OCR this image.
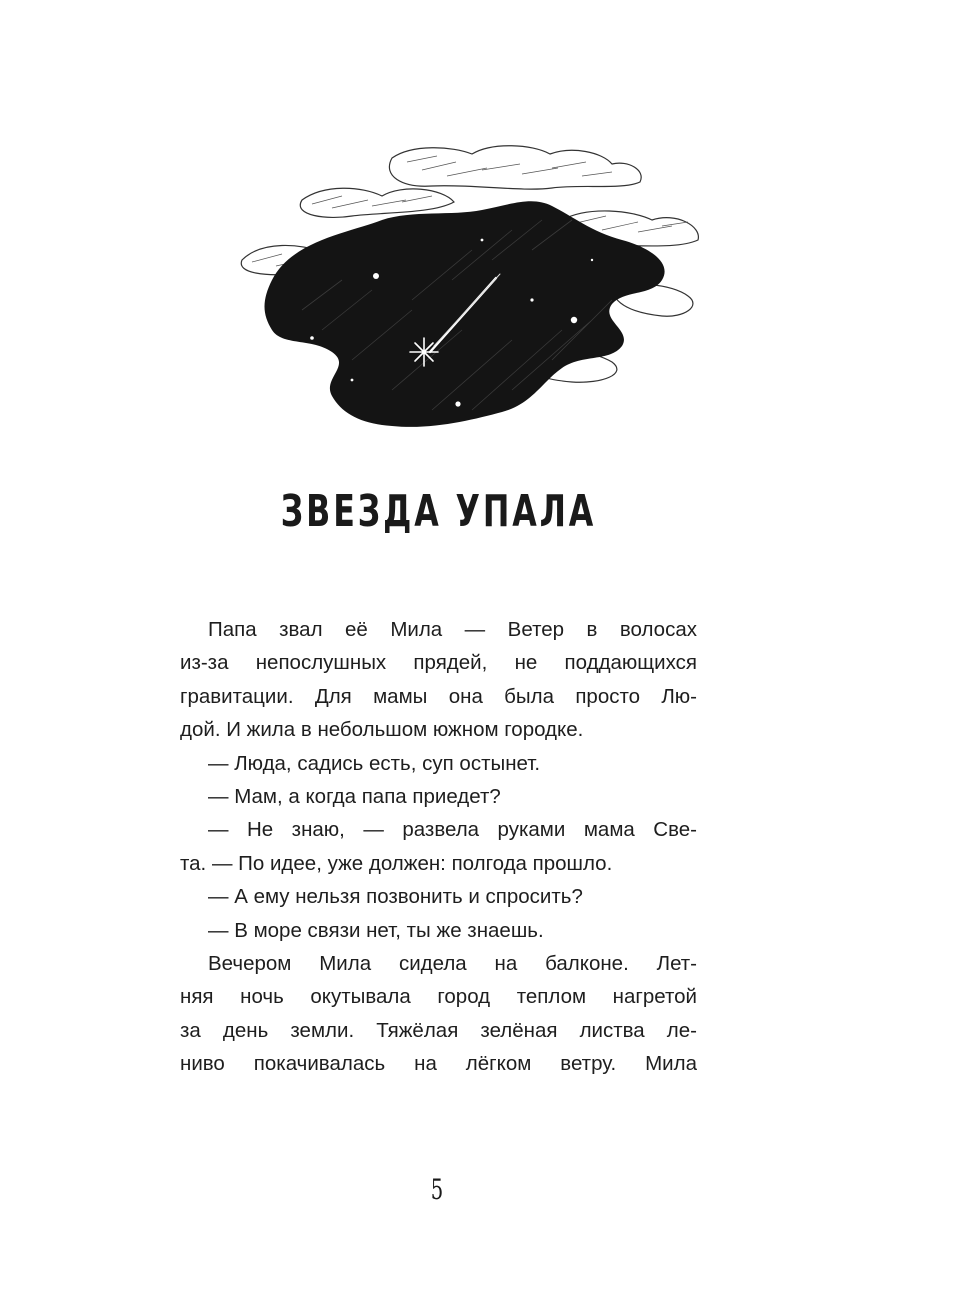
ЗВЕЗДА УПАЛА
Папа звал её Мила — Ветер в волосах
из-за непослушных прядей, не поддающихся
гравитации. Для мамы она была просто Лю-
дой. И жила в небольшом южном городке.
— Люда, садись есть, суп остынет.
— Мам, а когда папа приедет?
— Не знаю, — развела руками мама Све-
та. — По идее, уже должен: полгода прошло.
— А ему нельзя позвонить и спросить?
— В море связи нет, ты же знаешь.
Вечером Мила сидела на балконе. Лет-
няя ночь окутывала город теплом нагретой
за день земли. Тяжёлая зелёная листва ле-
ниво покачивалась на лёгком ветру. Мила
5
